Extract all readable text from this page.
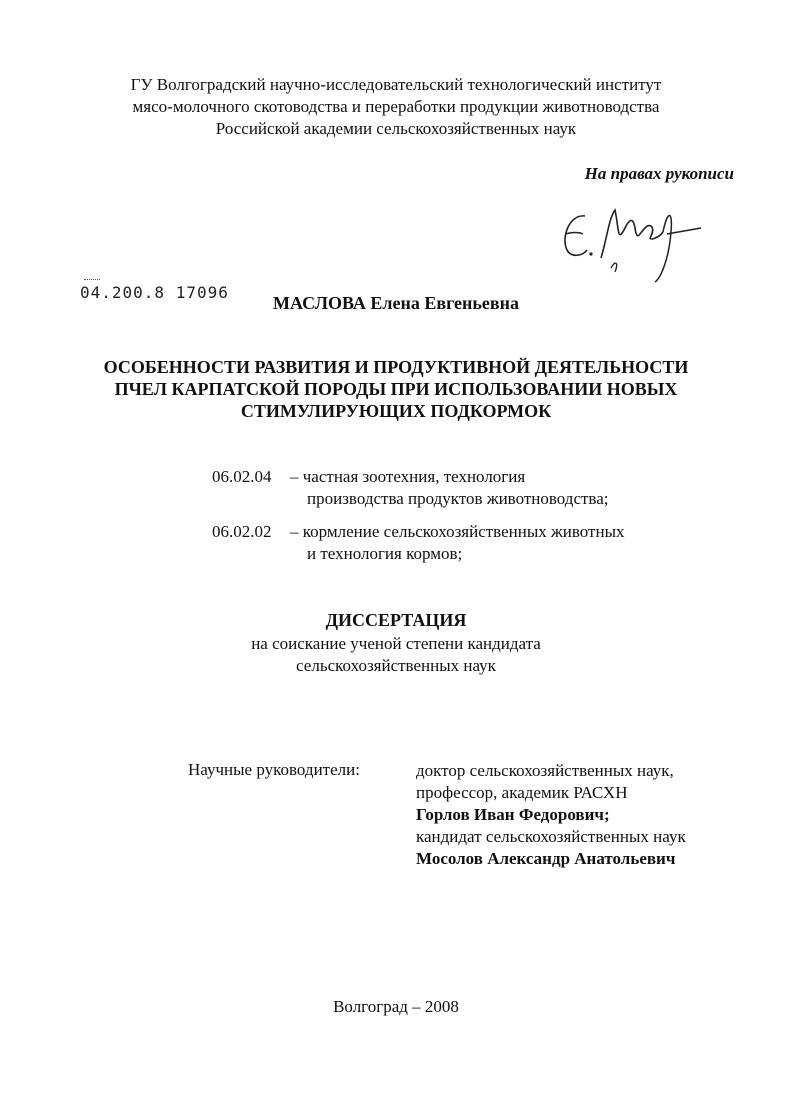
ГУ Волгоградский научно-исследовательский технологический институт
мясо-молочного скотоводства и переработки продукции животноводства
Российской академии сельскохозяйственных наук
На правах рукописи
04.200.8 17096
МАСЛОВА Елена Евгеньевна
ОСОБЕННОСТИ РАЗВИТИЯ И ПРОДУКТИВНОЙ ДЕЯТЕЛЬНОСТИ
ПЧЕЛ КАРПАТСКОЙ ПОРОДЫ ПРИ ИСПОЛЬЗОВАНИИ НОВЫХ
СТИМУЛИРУЮЩИХ ПОДКОРМОК
06.02.04 – частная зоотехния, технология
производства продуктов животноводства;
06.02.02 – кормление сельскохозяйственных животных
и технология кормов;
ДИССЕРТАЦИЯ
на соискание ученой степени кандидата
сельскохозяйственных наук
Научные руководители:	доктор сельскохозяйственных наук,
профессор, академик РАСХН
Горлов Иван Федорович;
кандидат сельскохозяйственных наук
Мосолов Александр Анатольевич
Волгоград – 2008
